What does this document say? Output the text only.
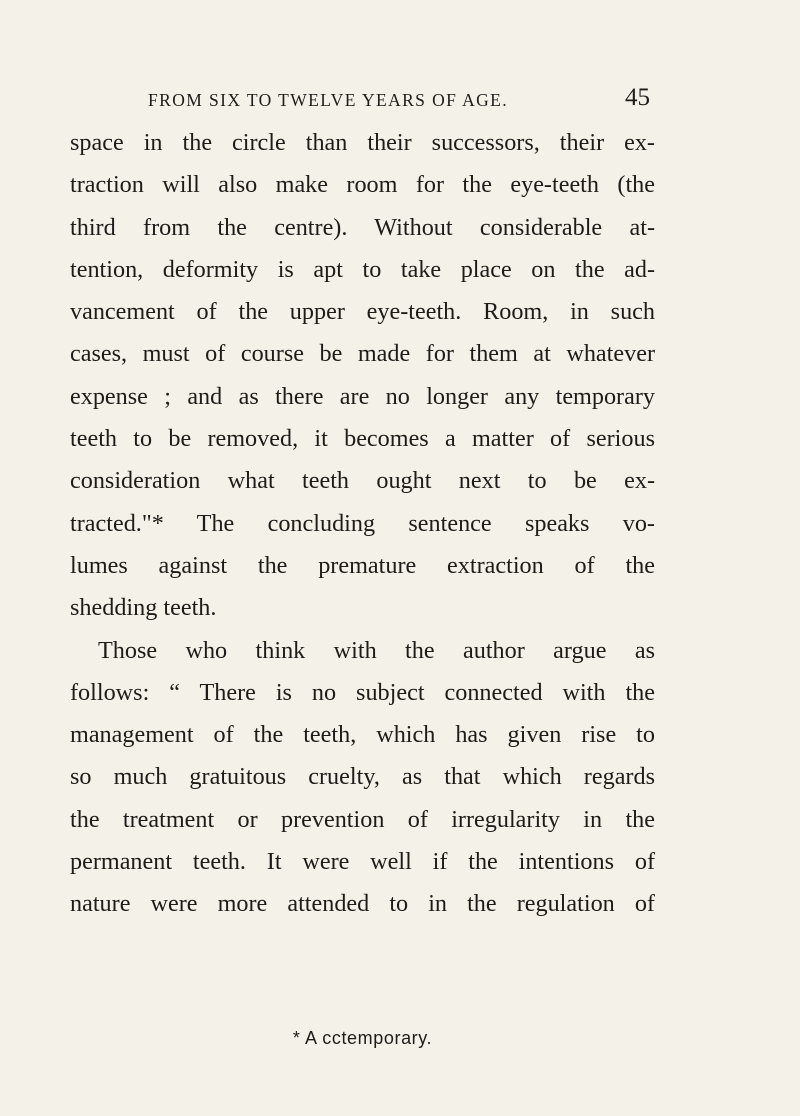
FROM SIX TO TWELVE YEARS OF AGE.	45
space in the circle than their successors, their ex-
traction will also make room for the eye-teeth (the
third from the centre). Without considerable at-
tention, deformity is apt to take place on the ad-
vancement of the upper eye-teeth. Room, in such
cases, must of course be made for them at whatever
expense ; and as there are no longer any temporary
teeth to be removed, it becomes a matter of serious
consideration what teeth ought next to be ex-
tracted."* The concluding sentence speaks vo-
lumes against the premature extraction of the
shedding teeth.
Those who think with the author argue as
follows: “ There is no subject connected with the
management of the teeth, which has given rise to
so much gratuitous cruelty, as that which regards
the treatment or prevention of irregularity in the
permanent teeth. It were well if the intentions of
nature were more attended to in the regulation of
* A cctemporary.
